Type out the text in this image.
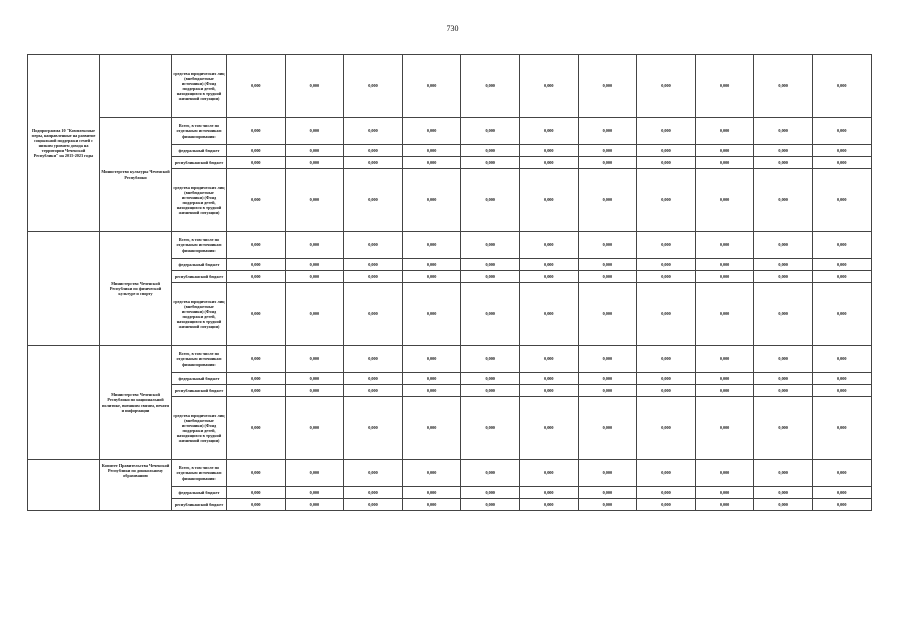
730
Подпрограмма 10 "Комплексные меры, направленные на развитие социальной поддержки семей с низким уровнем дохода на территории Чеченской Республики" на 2015-2023 годы		средства юридических лиц (внебюджетные источники) (Фонд поддержки детей, находящихся в трудной жизненной ситуации)	0,000	0,000	0,000	0,000	0,000	0,000	0,000	0,000	0,000	0,000	0,000
	Министерство культуры Чеченской Республики	Всего, в том числе по отдельным источникам финансирования:	0,000	0,000	0,000	0,000	0,000	0,000	0,000	0,000	0,000	0,000	0,000
		федеральный бюджет	0,000	0,000	0,000	0,000	0,000	0,000	0,000	0,000	0,000	0,000	0,000
		республиканский бюджет	0,000	0,000	0,000	0,000	0,000	0,000	0,000	0,000	0,000	0,000	0,000
		средства юридических лиц (внебюджетные источники) (Фонд поддержки детей, находящихся в трудной жизненной ситуации)	0,000	0,000	0,000	0,000	0,000	0,000	0,000	0,000	0,000	0,000	0,000
	Министерство Чеченской Республики по физической культуре и спорту	Всего, в том числе по отдельным источникам финансирования:	0,000	0,000	0,000	0,000	0,000	0,000	0,000	0,000	0,000	0,000	0,000
		федеральный бюджет	0,000	0,000	0,000	0,000	0,000	0,000	0,000	0,000	0,000	0,000	0,000
		республиканский бюджет	0,000	0,000	0,000	0,000	0,000	0,000	0,000	0,000	0,000	0,000	0,000
		средства юридических лиц (внебюджетные источники) (Фонд поддержки детей, находящихся в трудной жизненной ситуации)	0,000	0,000	0,000	0,000	0,000	0,000	0,000	0,000	0,000	0,000	0,000
	Министерство Чеченской Республики по национальной политике, внешним связям, печати и информации	Всего, в том числе по отдельным источникам финансирования:	0,000	0,000	0,000	0,000	0,000	0,000	0,000	0,000	0,000	0,000	0,000
		федеральный бюджет	0,000	0,000	0,000	0,000	0,000	0,000	0,000	0,000	0,000	0,000	0,000
		республиканский бюджет	0,000	0,000	0,000	0,000	0,000	0,000	0,000	0,000	0,000	0,000	0,000
		средства юридических лиц (внебюджетные источники) (Фонд поддержки детей, находящихся в трудной жизненной ситуации)	0,000	0,000	0,000	0,000	0,000	0,000	0,000	0,000	0,000	0,000	0,000
	Комитет Правительства Чеченской Республики по дошкольному образованию	Всего, в том числе по отдельным источникам финансирования:	0,000	0,000	0,000	0,000	0,000	0,000	0,000	0,000	0,000	0,000	0,000
		федеральный бюджет	0,000	0,000	0,000	0,000	0,000	0,000	0,000	0,000	0,000	0,000	0,000
		республиканский бюджет	0,000	0,000	0,000	0,000	0,000	0,000	0,000	0,000	0,000	0,000	0,000
